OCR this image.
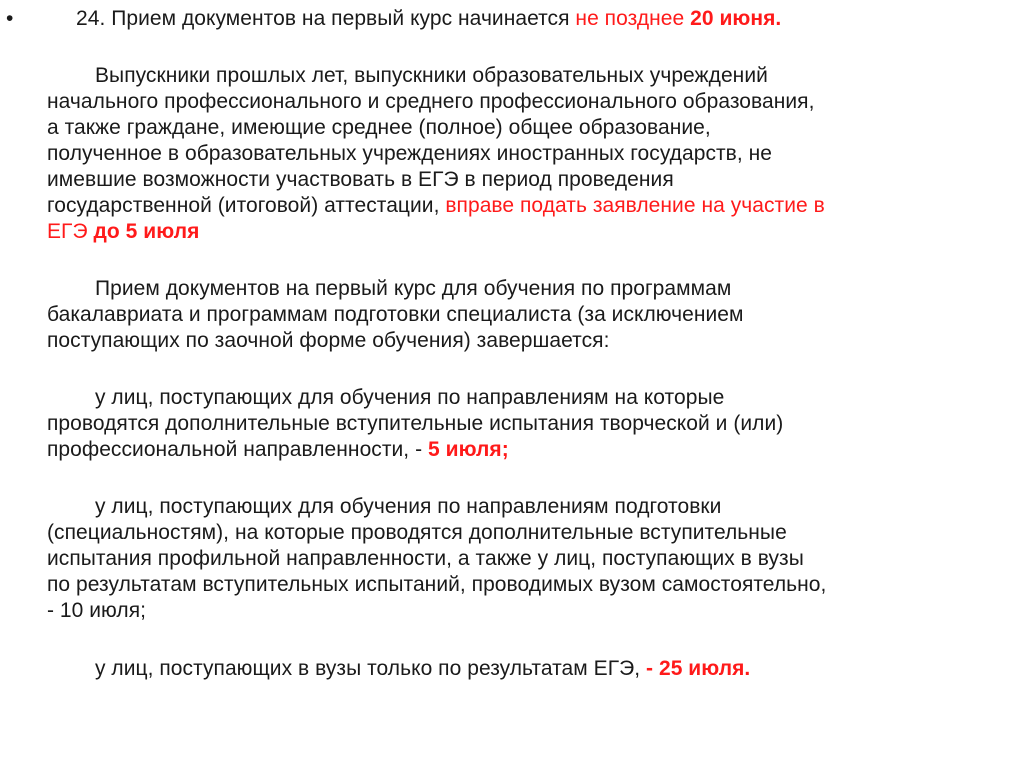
•	24. Прием документов на первый курс начинается не позднее 20 июня.
Выпускники прошлых лет, выпускники образовательных учреждений
начального профессионального и среднего профессионального образования,
а также граждане, имеющие среднее (полное) общее образование,
полученное в образовательных учреждениях иностранных государств, не
имевшие возможности участвовать в ЕГЭ в период проведения
государственной (итоговой) аттестации, вправе подать заявление на участие в
ЕГЭ до 5 июля
Прием документов на первый курс для обучения по программам
бакалавриата и программам подготовки специалиста (за исключением
поступающих по заочной форме обучения) завершается:
у лиц, поступающих для обучения по направлениям на которые
проводятся дополнительные вступительные испытания творческой и (или)
профессиональной направленности, - 5 июля;
у лиц, поступающих для обучения по направлениям подготовки
(специальностям), на которые проводятся дополнительные вступительные
испытания профильной направленности, а также у лиц, поступающих в вузы
по результатам вступительных испытаний, проводимых вузом самостоятельно,
- 10 июля;
у лиц, поступающих в вузы только по результатам ЕГЭ, - 25 июля.
